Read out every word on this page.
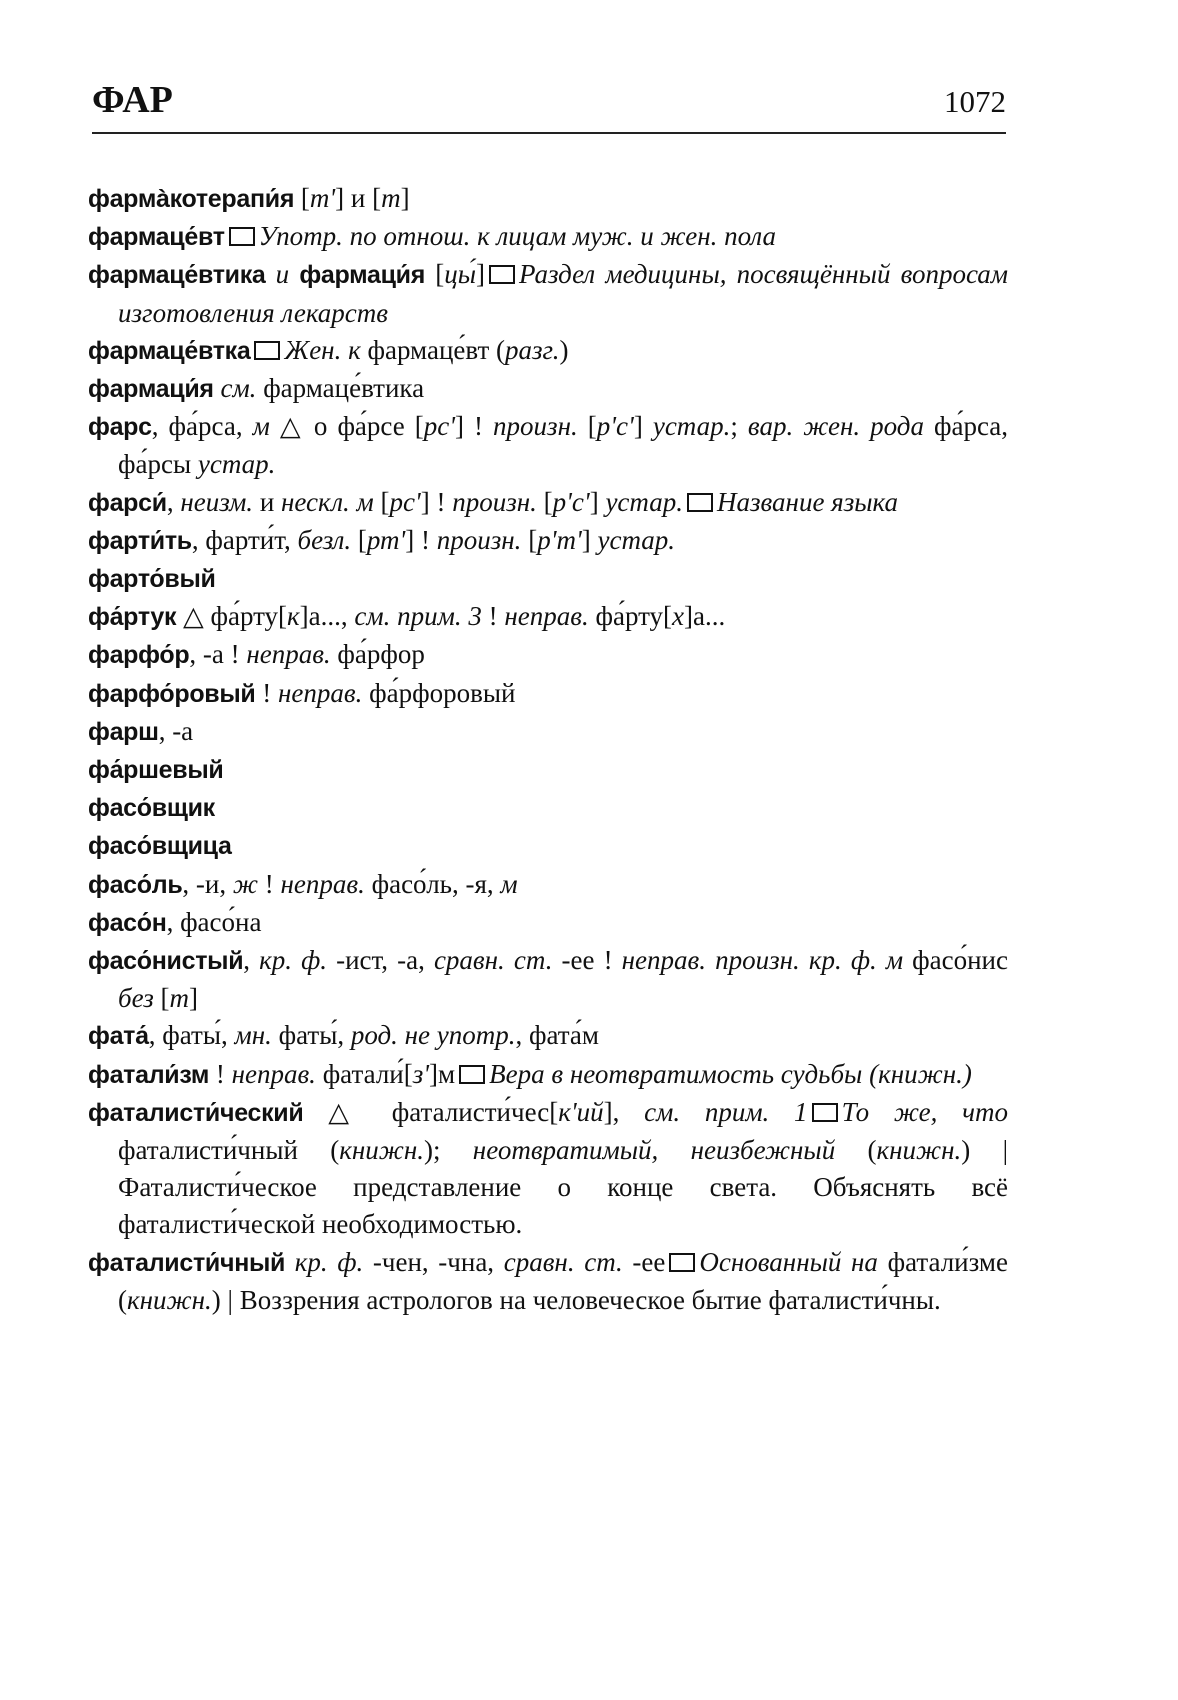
ФАР	1072
фармàкотерапи́я [т'] и [т]
фармаце́вт Употр. по отнош. к лицам муж. и жен. пола
фармаце́втика и фармаци́я [цы́] Раздел медицины, посвящённый вопросам изготовления лекарств
фармаце́втка Жен. к фармаце́вт (разг.)
фармаци́я см. фармаце́втика
фарс, фа́рса, м △ о фа́рсе [рс'] ! произн. [р'с'] устар.; вар. жен. рода фа́рса, фа́рсы устар.
фарси́, неизм. и нескл. м [рс'] ! произн. [р'с'] устар. Название языка
фарти́ть, фарти́т, безл. [рт'] ! произн. [р'т'] устар.
фарто́вый
фа́ртук △ фа́рту[к]а..., см. прим. 3 ! неправ. фа́рту[х]а...
фарфо́р, -а ! неправ. фа́рфор
фарфо́ровый ! неправ. фа́рфоровый
фарш, -а
фа́ршевый
фасо́вщик
фасо́вщица
фасо́ль, -и, ж ! неправ. фасо́ль, -я, м
фасо́н, фасо́на
фасо́нистый, кр. ф. -ист, -а, сравн. ст. -ее ! неправ. произн. кр. ф. м фасо́нис без [т]
фата́, фаты́, мн. фаты́, род. не употр., фата́м
фатали́зм ! неправ. фатали́[з']м Вера в неотвратимость судьбы (книжн.)
фаталисти́ческий △ фаталисти́чес[к'ий], см. прим. 1 То же, что фаталисти́чный (книжн.); неотвратимый, неизбежный (книжн.) | Фаталисти́ческое представление о конце света. Объяснять всё фаталисти́ческой необходимостью.
фаталисти́чный кр. ф. -чен, -чна, сравн. ст. -ее Основанный на фатали́зме (книжн.) | Воззрения астрологов на человеческое бытие фаталисти́чны.
